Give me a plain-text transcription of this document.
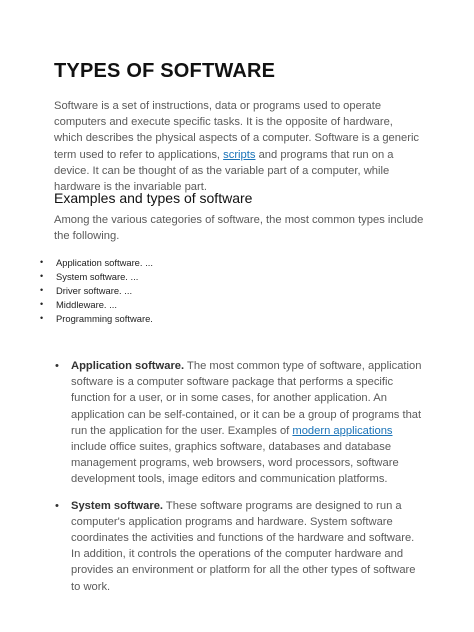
TYPES OF SOFTWARE

Software is a set of instructions, data or programs used to operate computers and execute specific tasks. It is the opposite of hardware, which describes the physical aspects of a computer. Software is a generic term used to refer to applications, scripts and programs that run on a device. It can be thought of as the variable part of a computer, while hardware is the invariable part.

Examples and types of software

Among the various categories of software, the most common types include the following.

• Application software. ...
• System software. ...
• Driver software. ...
• Middleware. ...
• Programming software.
• Application software. The most common type of software, application software is a computer software package that performs a specific function for a user, or in some cases, for another application. An application can be self-contained, or it can be a group of programs that run the application for the user. Examples of modern applications include office suites, graphics software, databases and database management programs, web browsers, word processors, software development tools, image editors and communication platforms.
• System software. These software programs are designed to run a computer's application programs and hardware. System software coordinates the activities and functions of the hardware and software. In addition, it controls the operations of the computer hardware and provides an environment or platform for all the other types of software to work.
